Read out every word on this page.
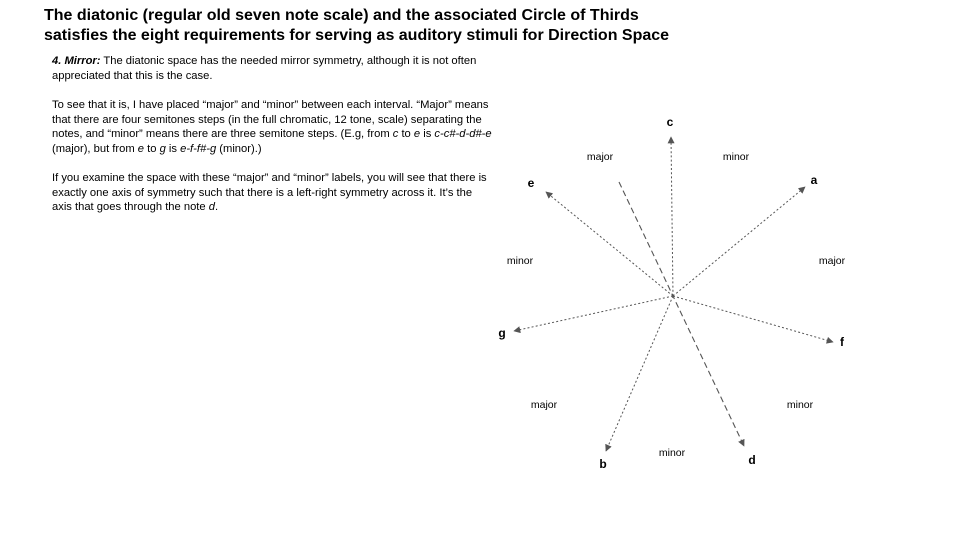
The diatonic (regular old seven note scale) and the associated Circle of Thirds
satisfies the eight requirements for serving as auditory stimuli for Direction Space

4. Mirror: The diatonic space has the needed mirror symmetry, although it is not often appreciated that this is the case.

To see that it is, I have placed “major” and “minor” between each interval. “Major” means that there are four semitones steps (in the full chromatic, 12 tone, scale) separating the notes, and “minor” means there are three semitone steps. (E.g, from c to e is c-c#-d-d#-e (major), but from e to g is e-f-f#-g (minor).)

If you examine the space with these “major” and “minor” labels, you will see that there is exactly one axis of symmetry such that there is a left-right symmetry across it. It’s the axis that goes through the note d.

c
a
f
d
b
g
e
minor
major
minor
minor
major
minor
major
